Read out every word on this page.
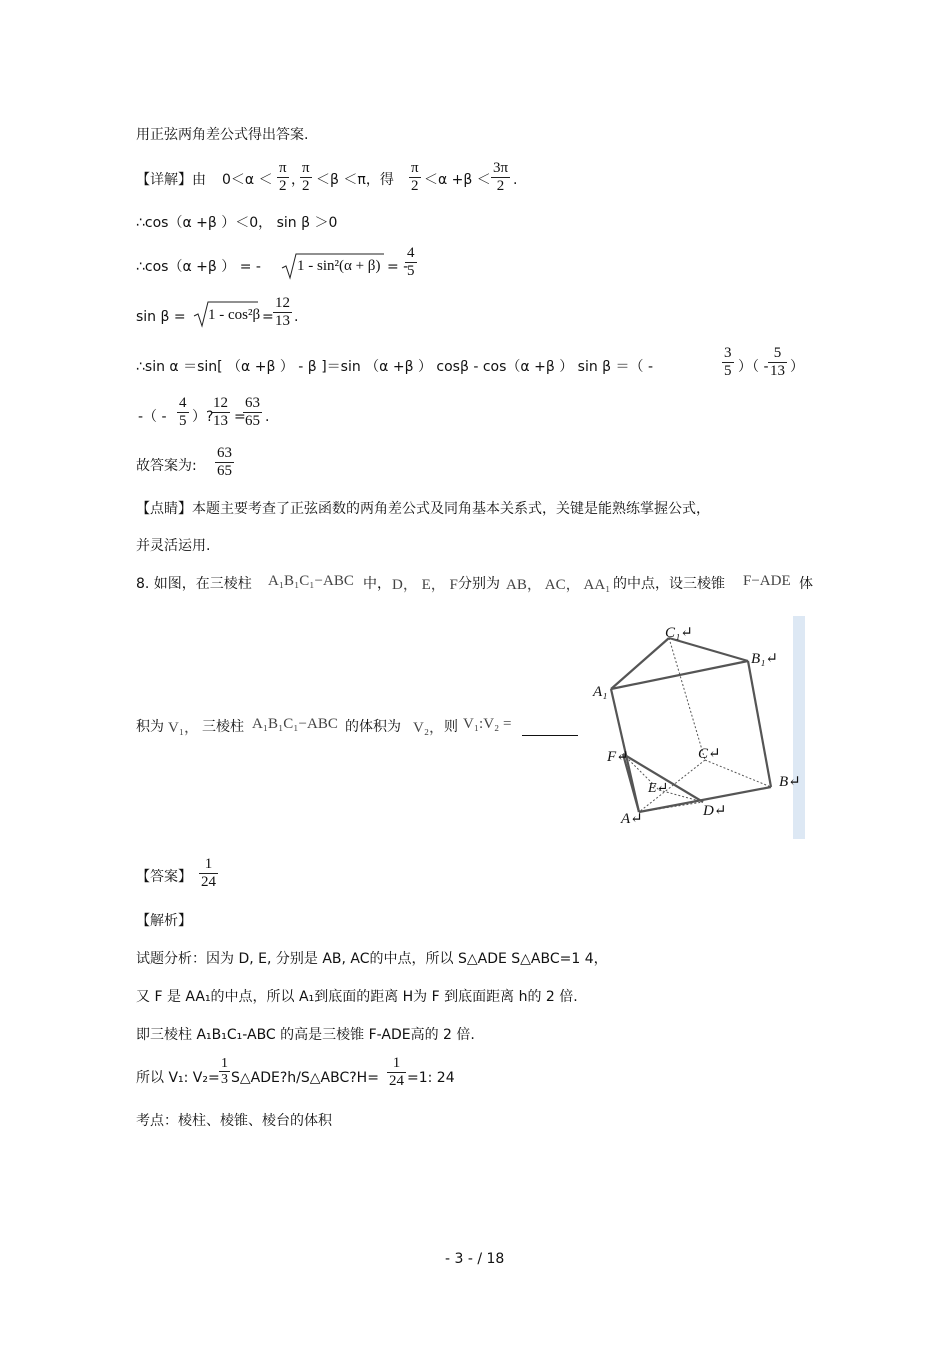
用正弦两角差公式得出答案.
【详解】由 0＜α ＜
π
2 ，
π
2 ＜β ＜π，得
π
2 ＜α +β ＜
3π
2 .
∴cos（α +β ）＜0， sin β ＞0
∴cos（α +β ） = - 1 - sin²(α + β) = -
4
5
sin β = 1 - cos²β =
12
13 .
∴sin α ＝sin[ （α +β ） - β ]＝sin （α +β ） cosβ - cos（α +β ） sin β ＝（ -
3
5 ）（ -
5
13 ）
-（ -
4
5 ）?
12
13 =
63
65 .
故答案为:
63
65
【点睛】本题主要考查了正弦函数的两角差公式及同角基本关系式，关键是能熟练掌握公式，
并灵活运用.
8. 如图，在三棱柱 A₁B₁C₁−ABC 中， D， E， F 分别为 AB， AC， AA₁ 的中点，设三棱锥 F−ADE 体
积为 V₁， 三棱柱 A₁B₁C₁−ABC 的体积为 V₂， 则 V₁:V₂ =
C₁↵
B₁↵
A₁
C↵
F↵
E↵	B↵
D↵
A↵
【答案】
1
24
【解析】
试题分析：因为 D, E, 分别是 AB, AC的中点，所以 S△ADE S△ABC=1 4，
又 F 是 AA₁的中点，所以 A₁到底面的距离 H为 F 到底面距离 h的 2 倍.
即三棱柱 A₁B₁C₁-ABC 的高是三棱锥 F-ADE高的 2 倍.
所以 V₁: V₂=
1
3 S△ADE?h/S△ABC?H=
1
24 =1: 24
考点：棱柱、棱锥、棱台的体积
- 3 - / 18
